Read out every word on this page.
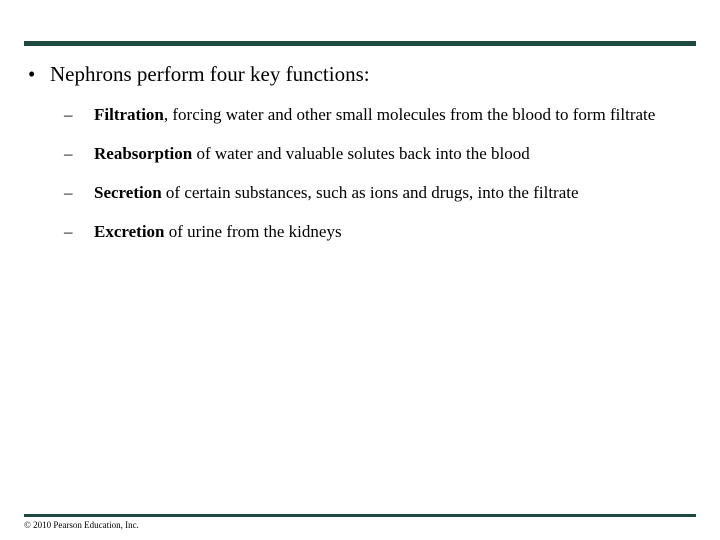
• Nephrons perform four key functions:
–	Filtration, forcing water and other small molecules from the blood to form filtrate
–	Reabsorption of water and valuable solutes back into the blood
–	Secretion of certain substances, such as ions and drugs, into the filtrate
–	Excretion of urine from the kidneys
© 2010 Pearson Education, Inc.
